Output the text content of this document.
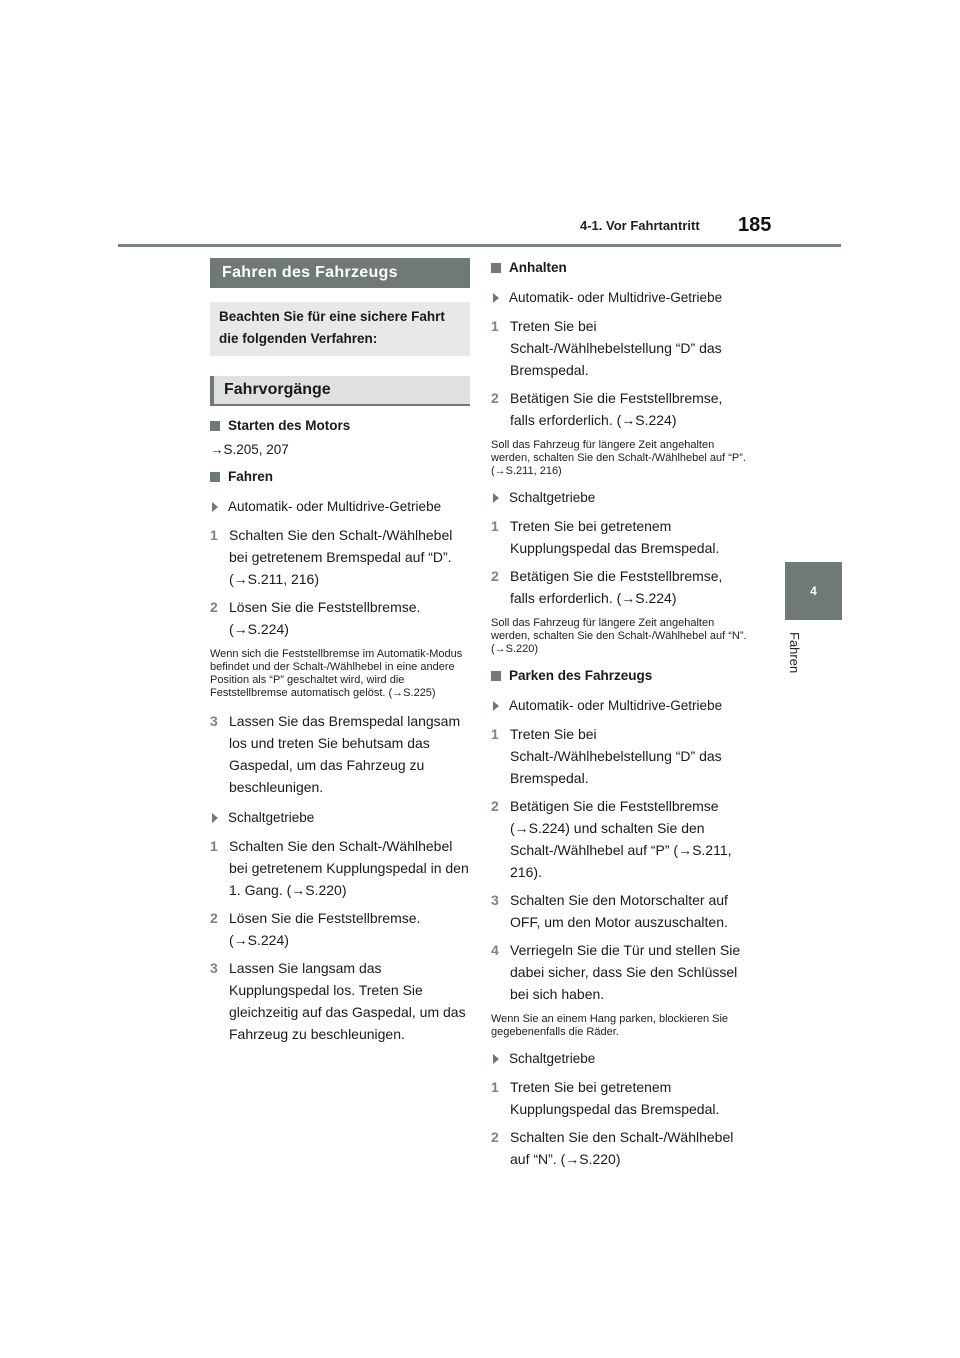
4-1. Vor Fahrtantritt 185
4
Fahren
Fahren des Fahrzeugs
Beachten Sie für eine sichere Fahrt die folgenden Verfahren:
Fahrvorgänge
Starten des Motors
→S.205, 207
Fahren
Automatik- oder Multidrive-Getriebe
1 Schalten Sie den Schalt-/Wählhebel bei getretenem Bremspedal auf “D”. (→S.211, 216)
2 Lösen Sie die Feststellbremse. (→S.224)
Wenn sich die Feststellbremse im Automatik-Modus befindet und der Schalt-/Wählhebel in eine andere Position als “P” geschaltet wird, wird die Feststellbremse automatisch gelöst. (→S.225)
3 Lassen Sie das Bremspedal langsam los und treten Sie behutsam das Gaspedal, um das Fahrzeug zu beschleunigen.
Schaltgetriebe
1 Schalten Sie den Schalt-/Wählhebel bei getretenem Kupplungspedal in den 1. Gang. (→S.220)
2 Lösen Sie die Feststellbremse. (→S.224)
3 Lassen Sie langsam das Kupplungspedal los. Treten Sie gleichzeitig auf das Gaspedal, um das Fahrzeug zu beschleunigen.
Anhalten
Automatik- oder Multidrive-Getriebe
1 Treten Sie bei Schalt-/Wählhebelstellung “D” das Bremspedal.
2 Betätigen Sie die Feststellbremse, falls erforderlich. (→S.224)
Soll das Fahrzeug für längere Zeit angehalten werden, schalten Sie den Schalt-/Wählhebel auf “P”. (→S.211, 216)
Schaltgetriebe
1 Treten Sie bei getretenem Kupplungspedal das Bremspedal.
2 Betätigen Sie die Feststellbremse, falls erforderlich. (→S.224)
Soll das Fahrzeug für längere Zeit angehalten werden, schalten Sie den Schalt-/Wählhebel auf “N”. (→S.220)
Parken des Fahrzeugs
Automatik- oder Multidrive-Getriebe
1 Treten Sie bei Schalt-/Wählhebelstellung “D” das Bremspedal.
2 Betätigen Sie die Feststellbremse (→S.224) und schalten Sie den Schalt-/Wählhebel auf “P” (→S.211, 216).
3 Schalten Sie den Motorschalter auf OFF, um den Motor auszuschalten.
4 Verriegeln Sie die Tür und stellen Sie dabei sicher, dass Sie den Schlüssel bei sich haben.
Wenn Sie an einem Hang parken, blockieren Sie gegebenenfalls die Räder.
Schaltgetriebe
1 Treten Sie bei getretenem Kupplungspedal das Bremspedal.
2 Schalten Sie den Schalt-/Wählhebel auf “N”. (→S.220)
